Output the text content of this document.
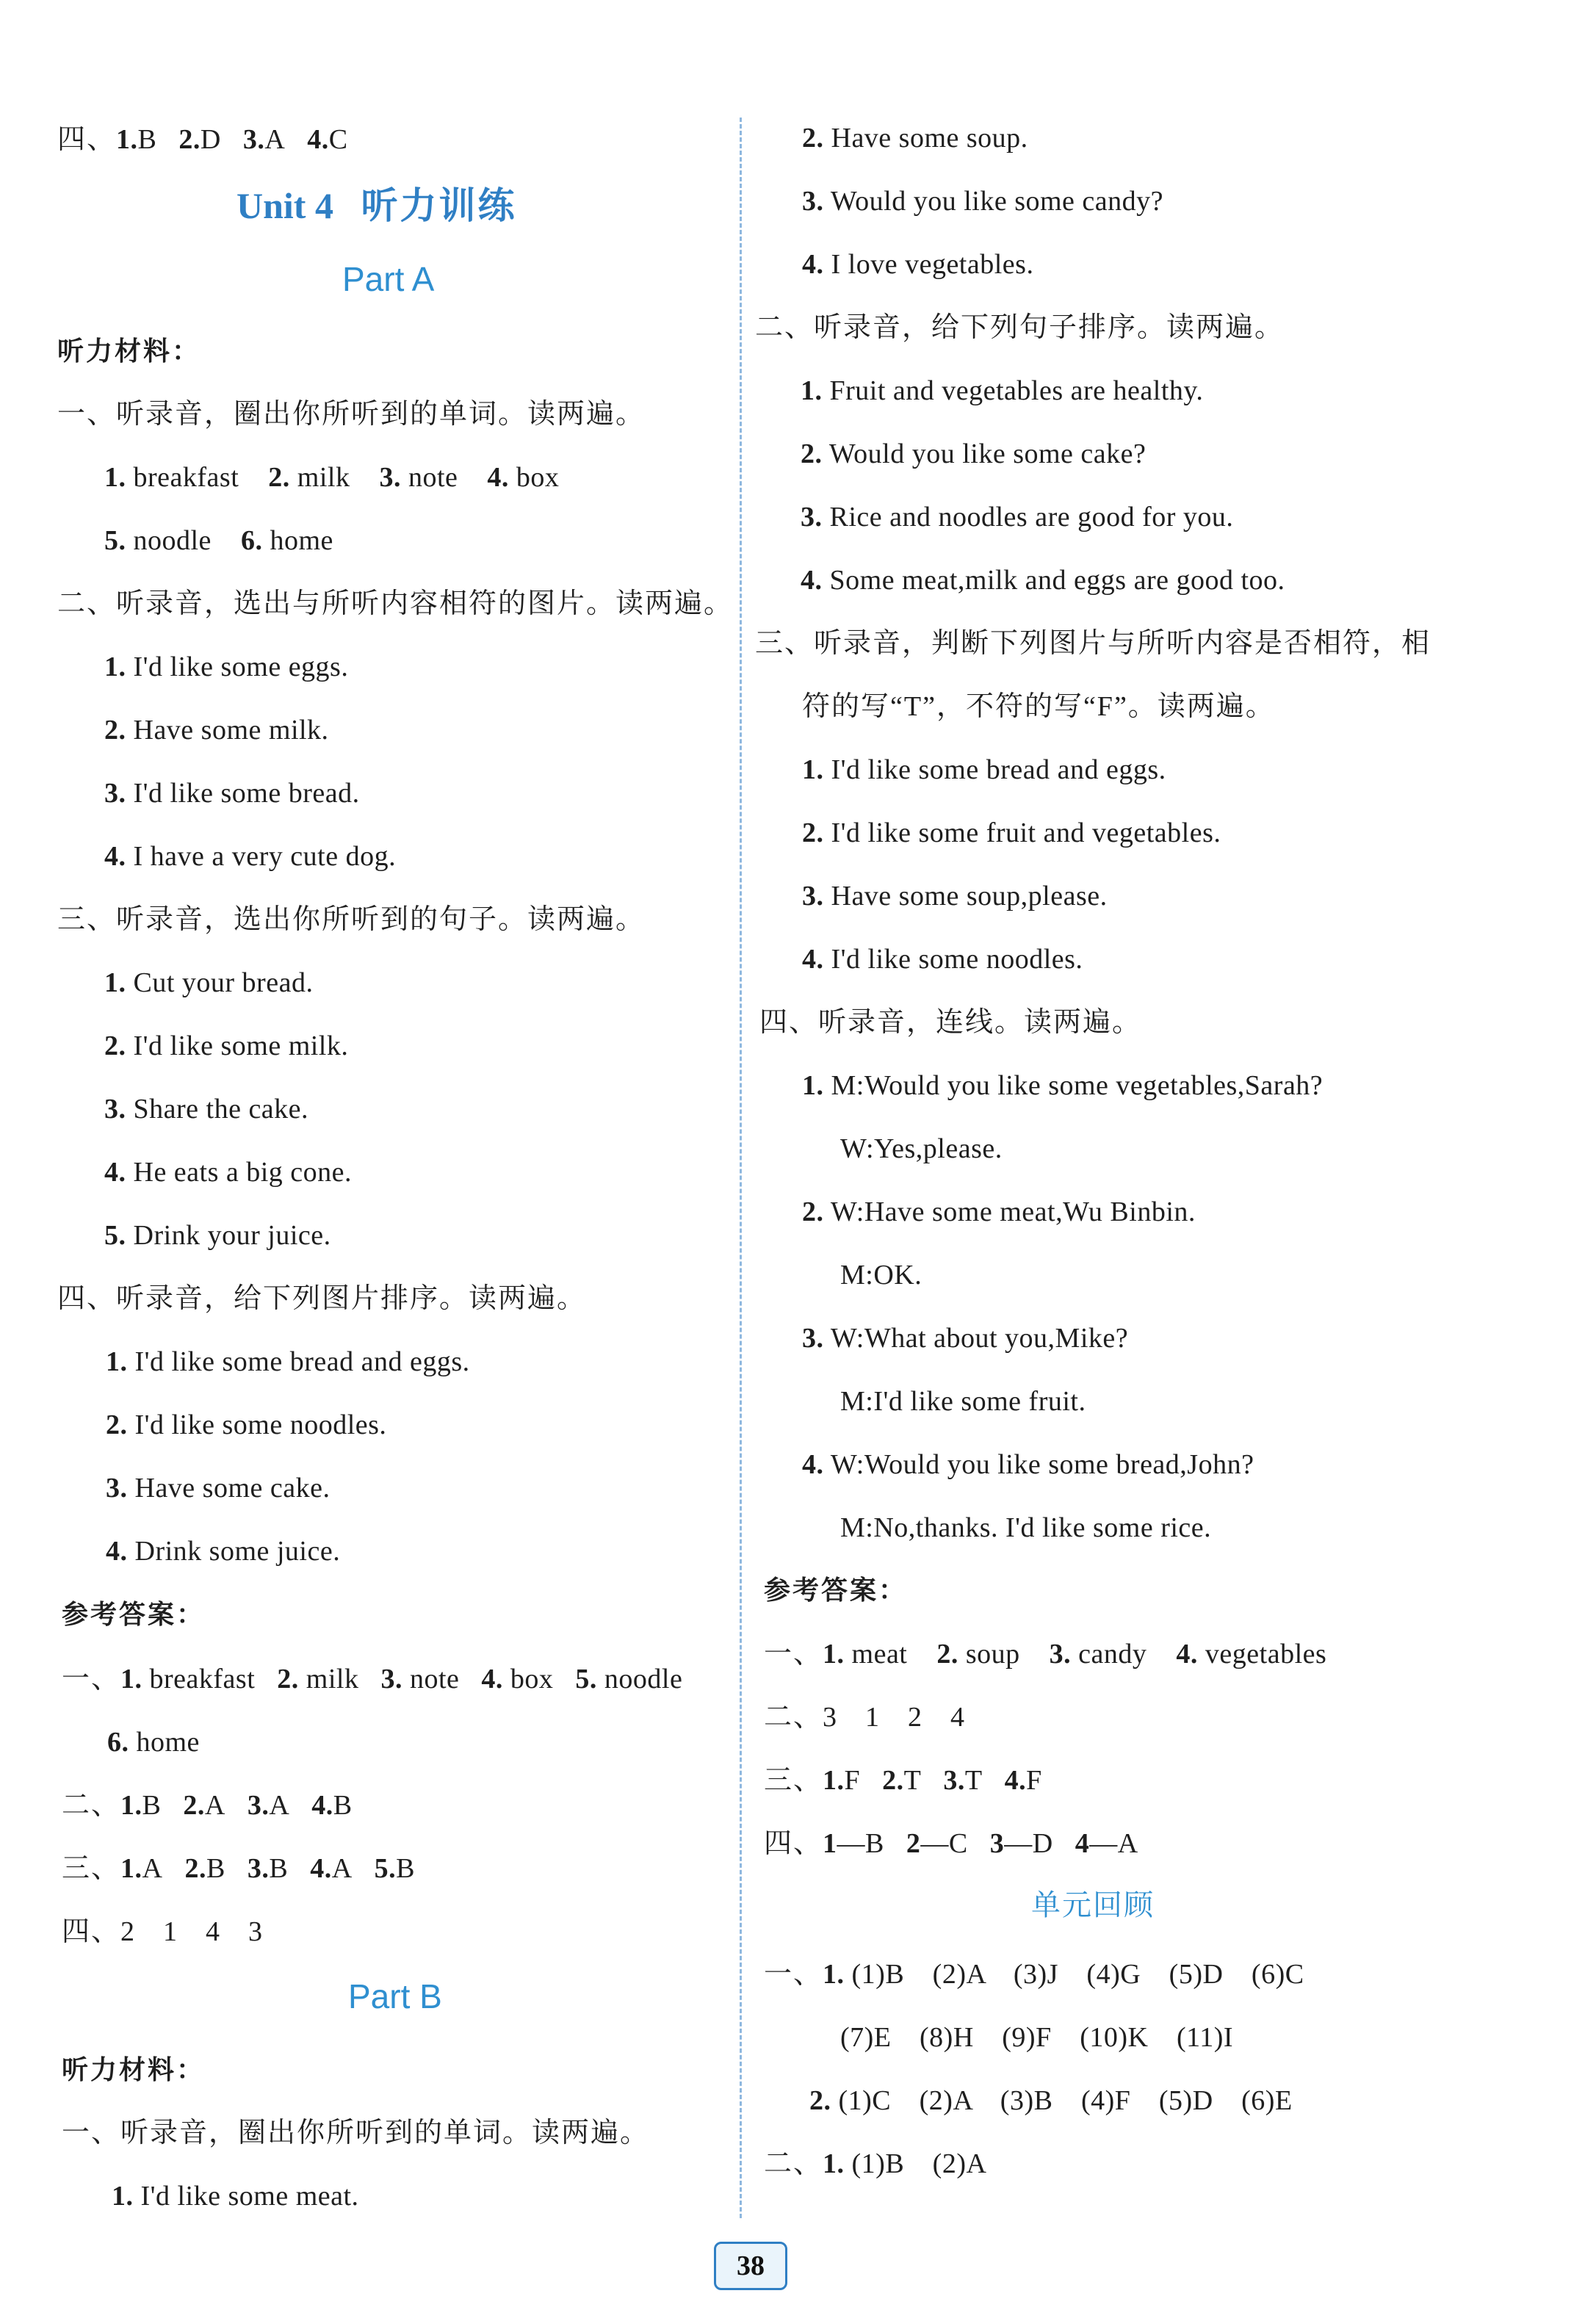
四、1.B 2.D 3.A 4.C
Unit 4 听力训练
Part A
听力材料：
一、听录音，圈出你所听到的单词。读两遍。
1. breakfast 2. milk 3. note 4. box
5. noodle 6. home
二、听录音，选出与所听内容相符的图片。读两遍。
1. I'd like some eggs.
2. Have some milk.
3. I'd like some bread.
4. I have a very cute dog.
三、听录音，选出你所听到的句子。读两遍。
1. Cut your bread.
2. I'd like some milk.
3. Share the cake.
4. He eats a big cone.
5. Drink your juice.
四、听录音，给下列图片排序。读两遍。
1. I'd like some bread and eggs.
2. I'd like some noodles.
3. Have some cake.
4. Drink some juice.
参考答案：
一、1. breakfast 2. milk 3. note 4. box 5. noodle
6. home
二、1.B 2.A 3.A 4.B
三、1.A 2.B 3.B 4.A 5.B
四、2　1　4　3
Part B
听力材料：
一、听录音，圈出你所听到的单词。读两遍。
1. I'd like some meat.
2. Have some soup.
3. Would you like some candy?
4. I love vegetables.
二、听录音，给下列句子排序。读两遍。
1. Fruit and vegetables are healthy.
2. Would you like some cake?
3. Rice and noodles are good for you.
4. Some meat,milk and eggs are good too.
三、听录音，判断下列图片与所听内容是否相符，相
符的写“T”，不符的写“F”。读两遍。
1. I'd like some bread and eggs.
2. I'd like some fruit and vegetables.
3. Have some soup,please.
4. I'd like some noodles.
四、听录音，连线。读两遍。
1. M:Would you like some vegetables,Sarah?
W:Yes,please.
2. W:Have some meat,Wu Binbin.
M:OK.
3. W:What about you,Mike?
M:I'd like some fruit.
4. W:Would you like some bread,John?
M:No,thanks. I'd like some rice.
参考答案：
一、1. meat 2. soup 3. candy 4. vegetables
二、3　1　2　4
三、1.F 2.T 3.T 4.F
四、1—B 2—C 3—D 4—A
单元回顾
一、1. (1)B　(2)A　(3)J　(4)G　(5)D　(6)C
(7)E　(8)H　(9)F　(10)K　(11)I
2. (1)C　(2)A　(3)B　(4)F　(5)D　(6)E
二、1. (1)B　(2)A
38
